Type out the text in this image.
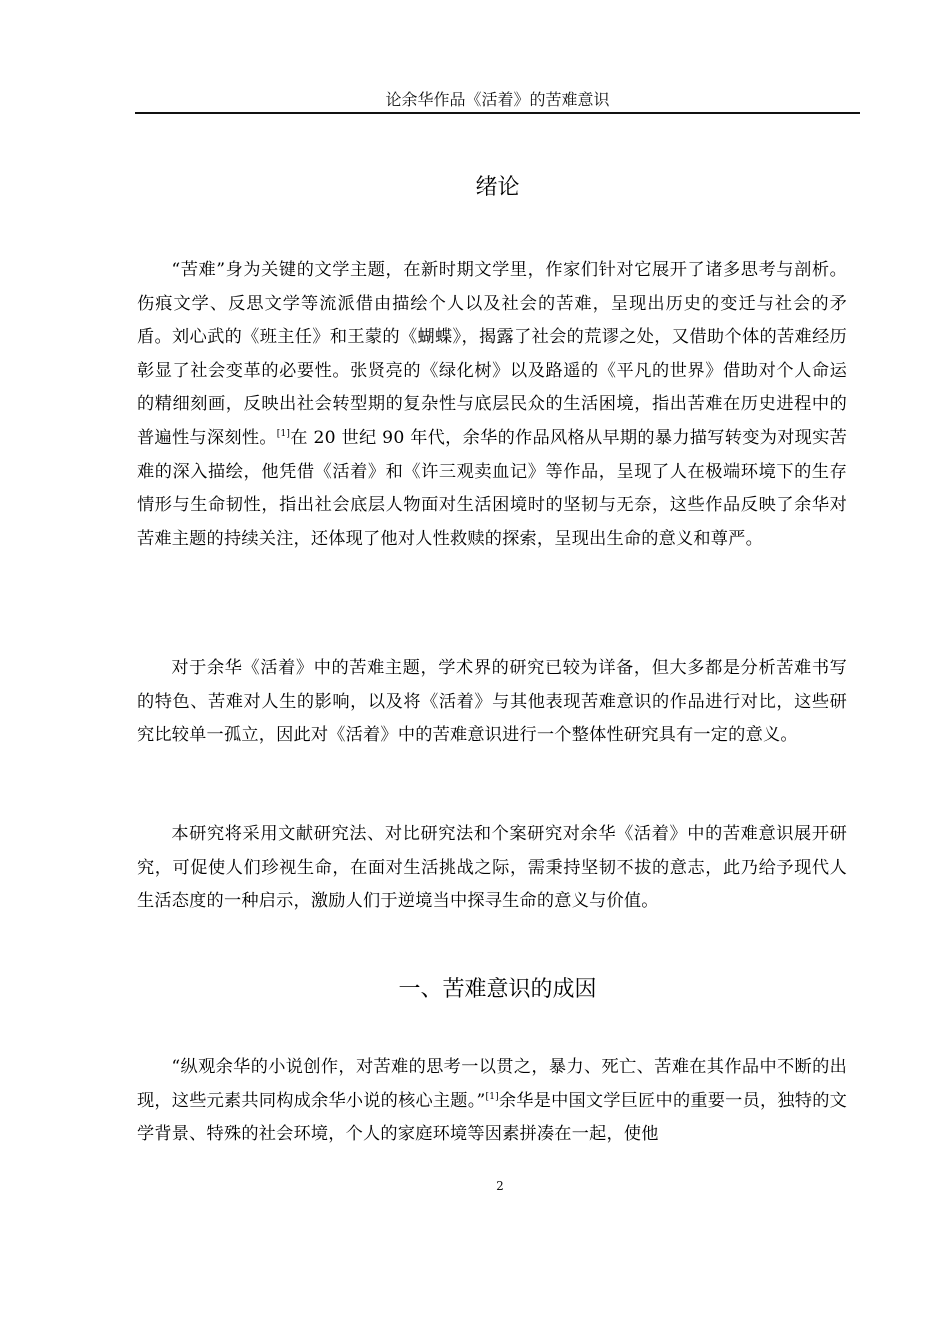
论余华作品《活着》的苦难意识
绪论

“苦难”身为关键的文学主题，在新时期文学里，作家们针对它展开了诸多思考与剖析。伤痕文学、反思文学等流派借由描绘个人以及社会的苦难，呈现出历史的变迁与社会的矛盾。刘心武的《班主任》和王蒙的《蝴蝶》，揭露了社会的荒谬之处，又借助个体的苦难经历彰显了社会变革的必要性。张贤亮的《绿化树》以及路遥的《平凡的世界》借助对个人命运的精细刻画，反映出社会转型期的复杂性与底层民众的生活困境，指出苦难在历史进程中的普遍性与深刻性。[1]在 20 世纪 90 年代，余华的作品风格从早期的暴力描写转变为对现实苦难的深入描绘，他凭借《活着》和《许三观卖血记》等作品，呈现了人在极端环境下的生存情形与生命韧性，指出社会底层人物面对生活困境时的坚韧与无奈，这些作品反映了余华对苦难主题的持续关注，还体现了他对人性救赎的探索，呈现出生命的意义和尊严。

对于余华《活着》中的苦难主题，学术界的研究已较为详备，但大多都是分析苦难书写的特色、苦难对人生的影响，以及将《活着》与其他表现苦难意识的作品进行对比，这些研究比较单一孤立，因此对《活着》中的苦难意识进行一个整体性研究具有一定的意义。

本研究将采用文献研究法、对比研究法和个案研究对余华《活着》中的苦难意识展开研究，可促使人们珍视生命，在面对生活挑战之际，需秉持坚韧不拔的意志，此乃给予现代人生活态度的一种启示，激励人们于逆境当中探寻生命的意义与价值。

一、苦难意识的成因

“纵观余华的小说创作，对苦难的思考一以贯之，暴力、死亡、苦难在其作品中不断的出现，这些元素共同构成余华小说的核心主题。”[1]余华是中国文学巨匠中的重要一员，独特的文学背景、特殊的社会环境，个人的家庭环境等因素拼凑在一起，使他

2
